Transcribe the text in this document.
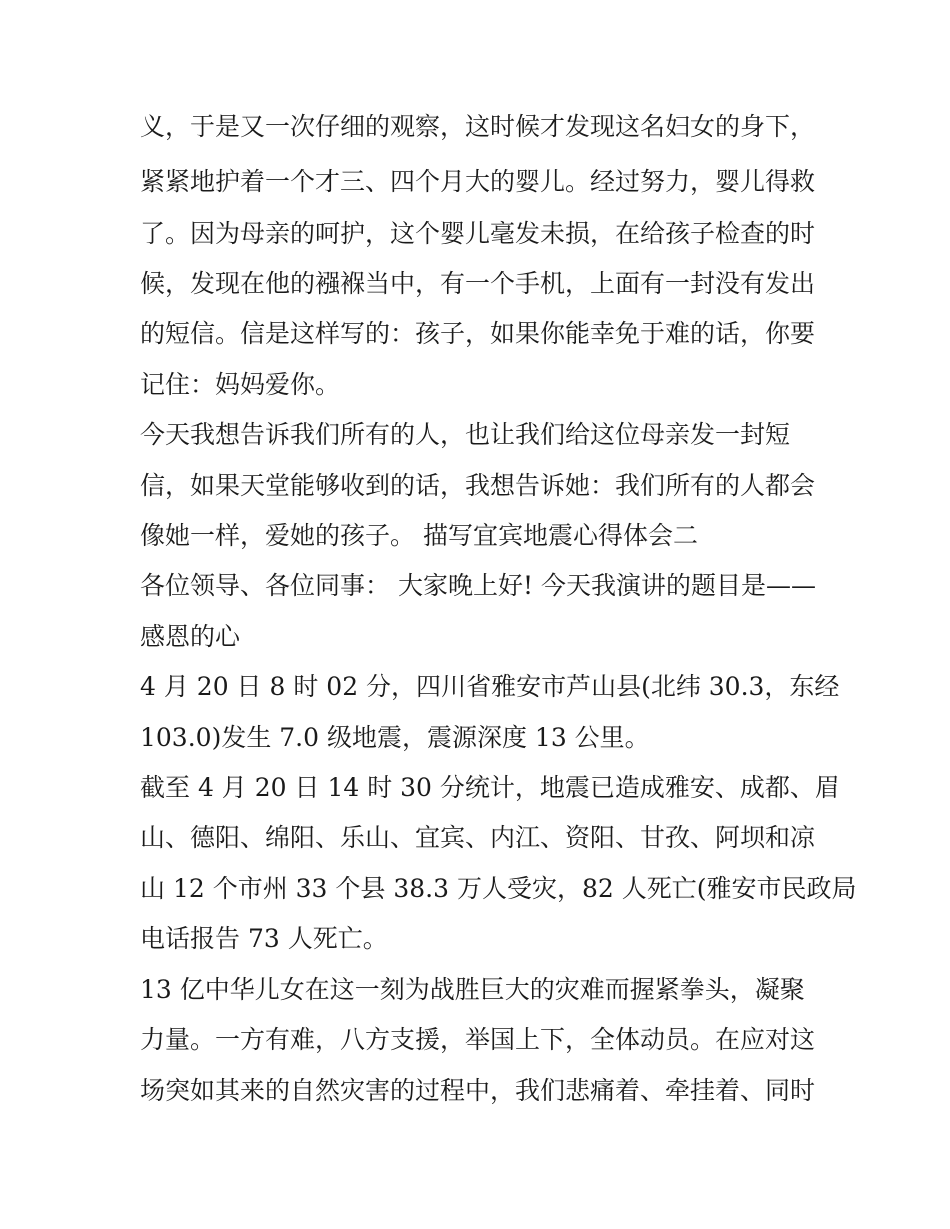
义，于是又一次仔细的观察，这时候才发现这名妇女的身下，
紧紧地护着一个才三、四个月大的婴儿。经过努力，婴儿得救
了。因为母亲的呵护，这个婴儿毫发未损，在给孩子检查的时
候，发现在他的襁褓当中，有一个手机，上面有一封没有发出
的短信。信是这样写的：孩子，如果你能幸免于难的话，你要
记住：妈妈爱你。
今天我想告诉我们所有的人，也让我们给这位母亲发一封短
信，如果天堂能够收到的话，我想告诉她：我们所有的人都会
像她一样，爱她的孩子。 描写宜宾地震心得体会二
各位领导、各位同事： 大家晚上好! 今天我演讲的题目是——
感恩的心
4 月 20 日 8 时 02 分，四川省雅安市芦山县(北纬 30.3，东经
103.0)发生 7.0 级地震，震源深度 13 公里。
截至 4 月 20 日 14 时 30 分统计，地震已造成雅安、成都、眉
山、德阳、绵阳、乐山、宜宾、内江、资阳、甘孜、阿坝和凉
山 12 个市州 33 个县 38.3 万人受灾，82 人死亡(雅安市民政局
电话报告 73 人死亡。
13 亿中华儿女在这一刻为战胜巨大的灾难而握紧拳头，凝聚
力量。一方有难，八方支援，举国上下，全体动员。在应对这
场突如其来的自然灾害的过程中，我们悲痛着、牵挂着、同时
